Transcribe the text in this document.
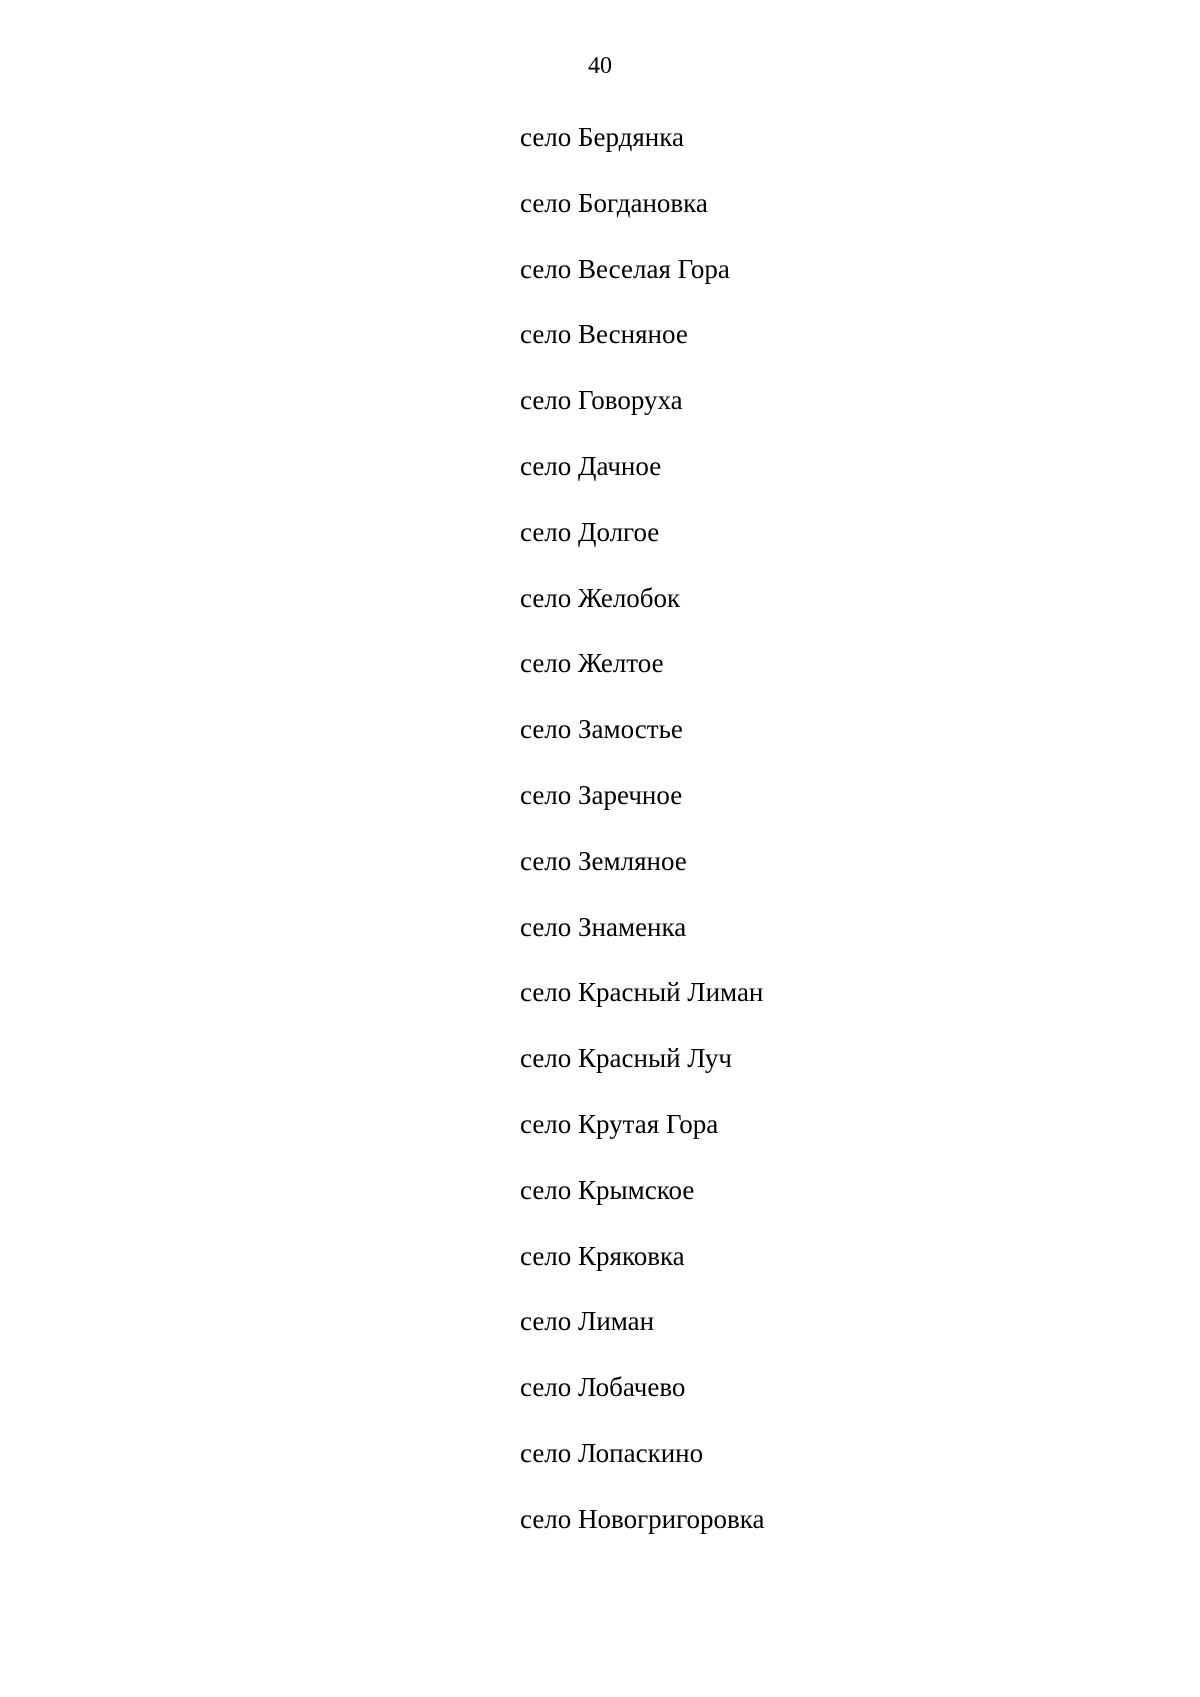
40
село Бердянка
село Богдановка
село Веселая Гора
село Весняное
село Говоруха
село Дачное
село Долгое
село Желобок
село Желтое
село Замостье
село Заречное
село Земляное
село Знаменка
село Красный Лиман
село Красный Луч
село Крутая Гора
село Крымское
село Кряковка
село Лиман
село Лобачево
село Лопаскино
село Новогригоровка
